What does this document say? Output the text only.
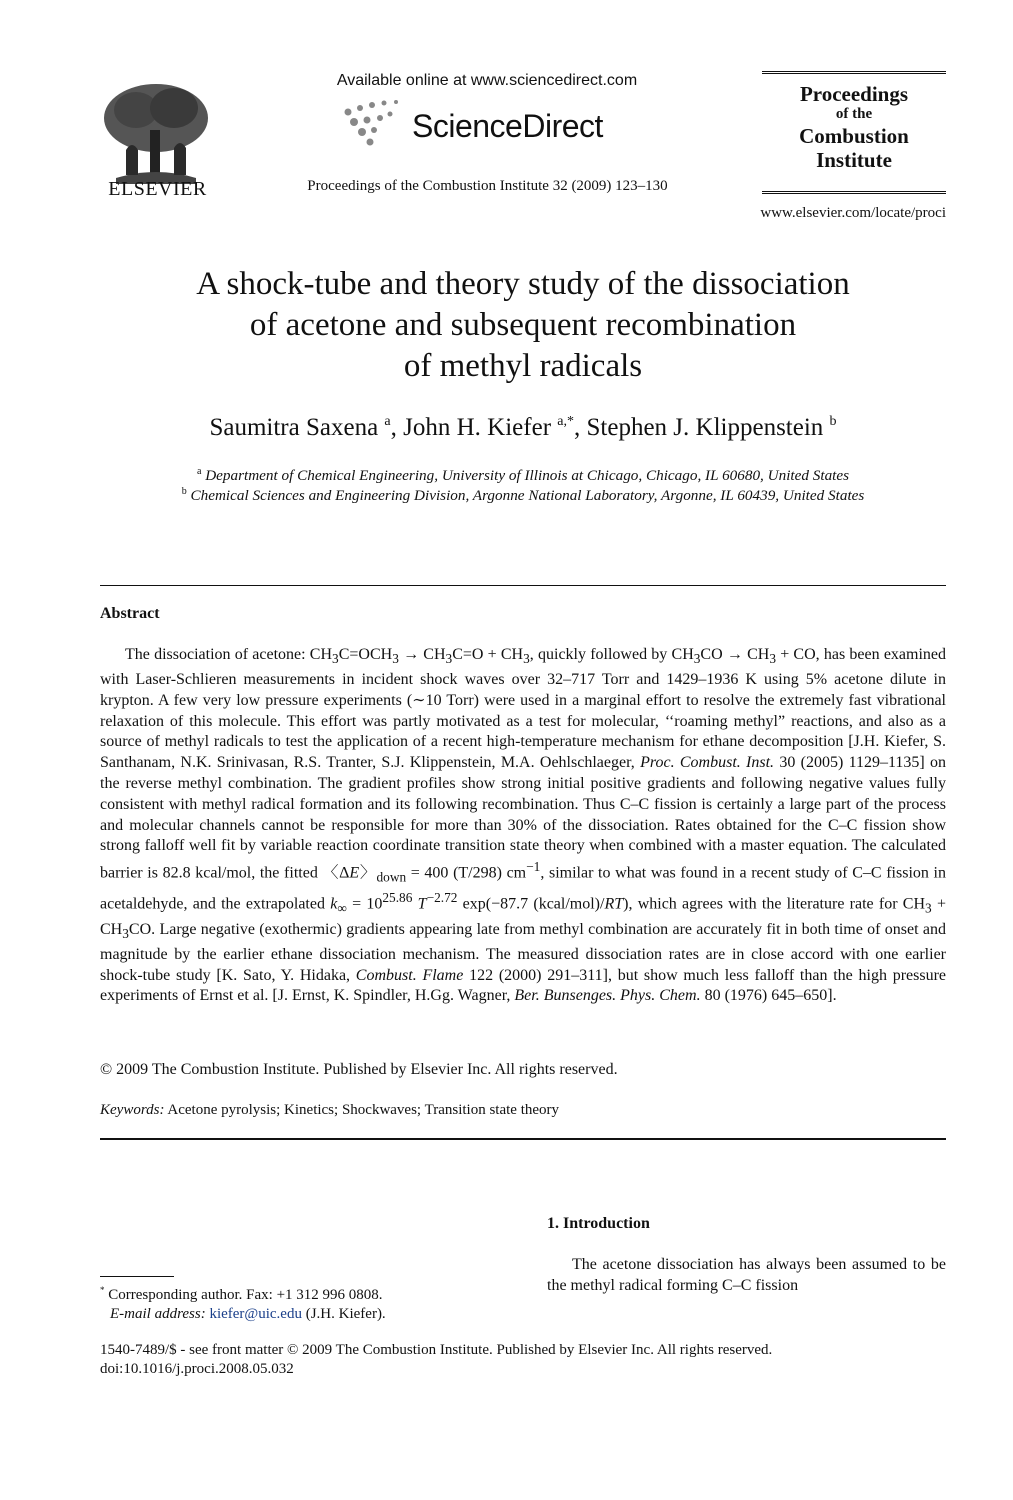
ELSEVIER
Available online at www.sciencedirect.com
ScienceDirect
Proceedings of the Combustion Institute 32 (2009) 123–130
Proceedings
of the
Combustion
Institute
www.elsevier.com/locate/proci
A shock-tube and theory study of the dissociation
of acetone and subsequent recombination
of methyl radicals
Saumitra Saxena $^a$, John H. Kiefer $^{a,*}$, Stephen J. Klippenstein $^b$
$^a$ Department of Chemical Engineering, University of Illinois at Chicago, Chicago, IL 60680, United States
$^b$ Chemical Sciences and Engineering Division, Argonne National Laboratory, Argonne, IL 60439, United States
Abstract
The dissociation of acetone: $CH_3C=OCH_3 \to CH_3C=O + CH_3$, quickly followed by $CH_3CO \to CH_3$ + CO, has been examined with Laser-Schlieren measurements in incident shock waves over 32–717 Torr and 1429–1936 K using 5% acetone dilute in krypton. A few very low pressure experiments (∼10 Torr) were used in a marginal effort to resolve the extremely fast vibrational relaxation of this molecule. This effort was partly motivated as a test for molecular, ‘‘roaming methyl” reactions, and also as a source of methyl radicals to test the application of a recent high-temperature mechanism for ethane decomposition [J.H. Kiefer, S. Santhanam, N.K. Srinivasan, R.S. Tranter, S.J. Klippenstein, M.A. Oehlschlaeger, Proc. Combust. Inst. 30 (2005) 1129–1135] on the reverse methyl combination. The gradient profiles show strong initial positive gradients and following negative values fully consistent with methyl radical formation and its following recombination. Thus C–C fission is certainly a large part of the process and molecular channels cannot be responsible for more than 30% of the dissociation. Rates obtained for the C–C fission show strong falloff well fit by variable reaction coordinate transition state theory when combined with a master equation. The calculated barrier is 82.8 kcal/mol, the fitted 〈ΔE〉$_{down}$ = 400 (T/298) $cm^{-1}$, similar to what was found in a recent study of C–C fission in acetaldehyde, and the extrapolated $k_\infty = 10^{25.86}$ $T^{-2.72}$ exp(−87.7 (kcal/mol)/RT), which agrees with the literature rate for $CH_3 + CH_3CO$. Large negative (exothermic) gradients appearing late from methyl combination are accurately fit in both time of onset and magnitude by the earlier ethane dissociation mechanism. The measured dissociation rates are in close accord with one earlier shock-tube study [K. Sato, Y. Hidaka, Combust. Flame 122 (2000) 291–311], but show much less falloff than the high pressure experiments of Ernst et al. [J. Ernst, K. Spindler, H.Gg. Wagner, Ber. Bunsenges. Phys. Chem. 80 (1976) 645–650].
© 2009 The Combustion Institute. Published by Elsevier Inc. All rights reserved.
Keywords: Acetone pyrolysis; Kinetics; Shockwaves; Transition state theory
1. Introduction
The acetone dissociation has always been assumed to be the methyl radical forming C–C fission
* Corresponding author. Fax: +1 312 996 0808.
E-mail address: kiefer@uic.edu (J.H. Kiefer).
1540-7489/$ - see front matter © 2009 The Combustion Institute. Published by Elsevier Inc. All rights reserved.
doi:10.1016/j.proci.2008.05.032
